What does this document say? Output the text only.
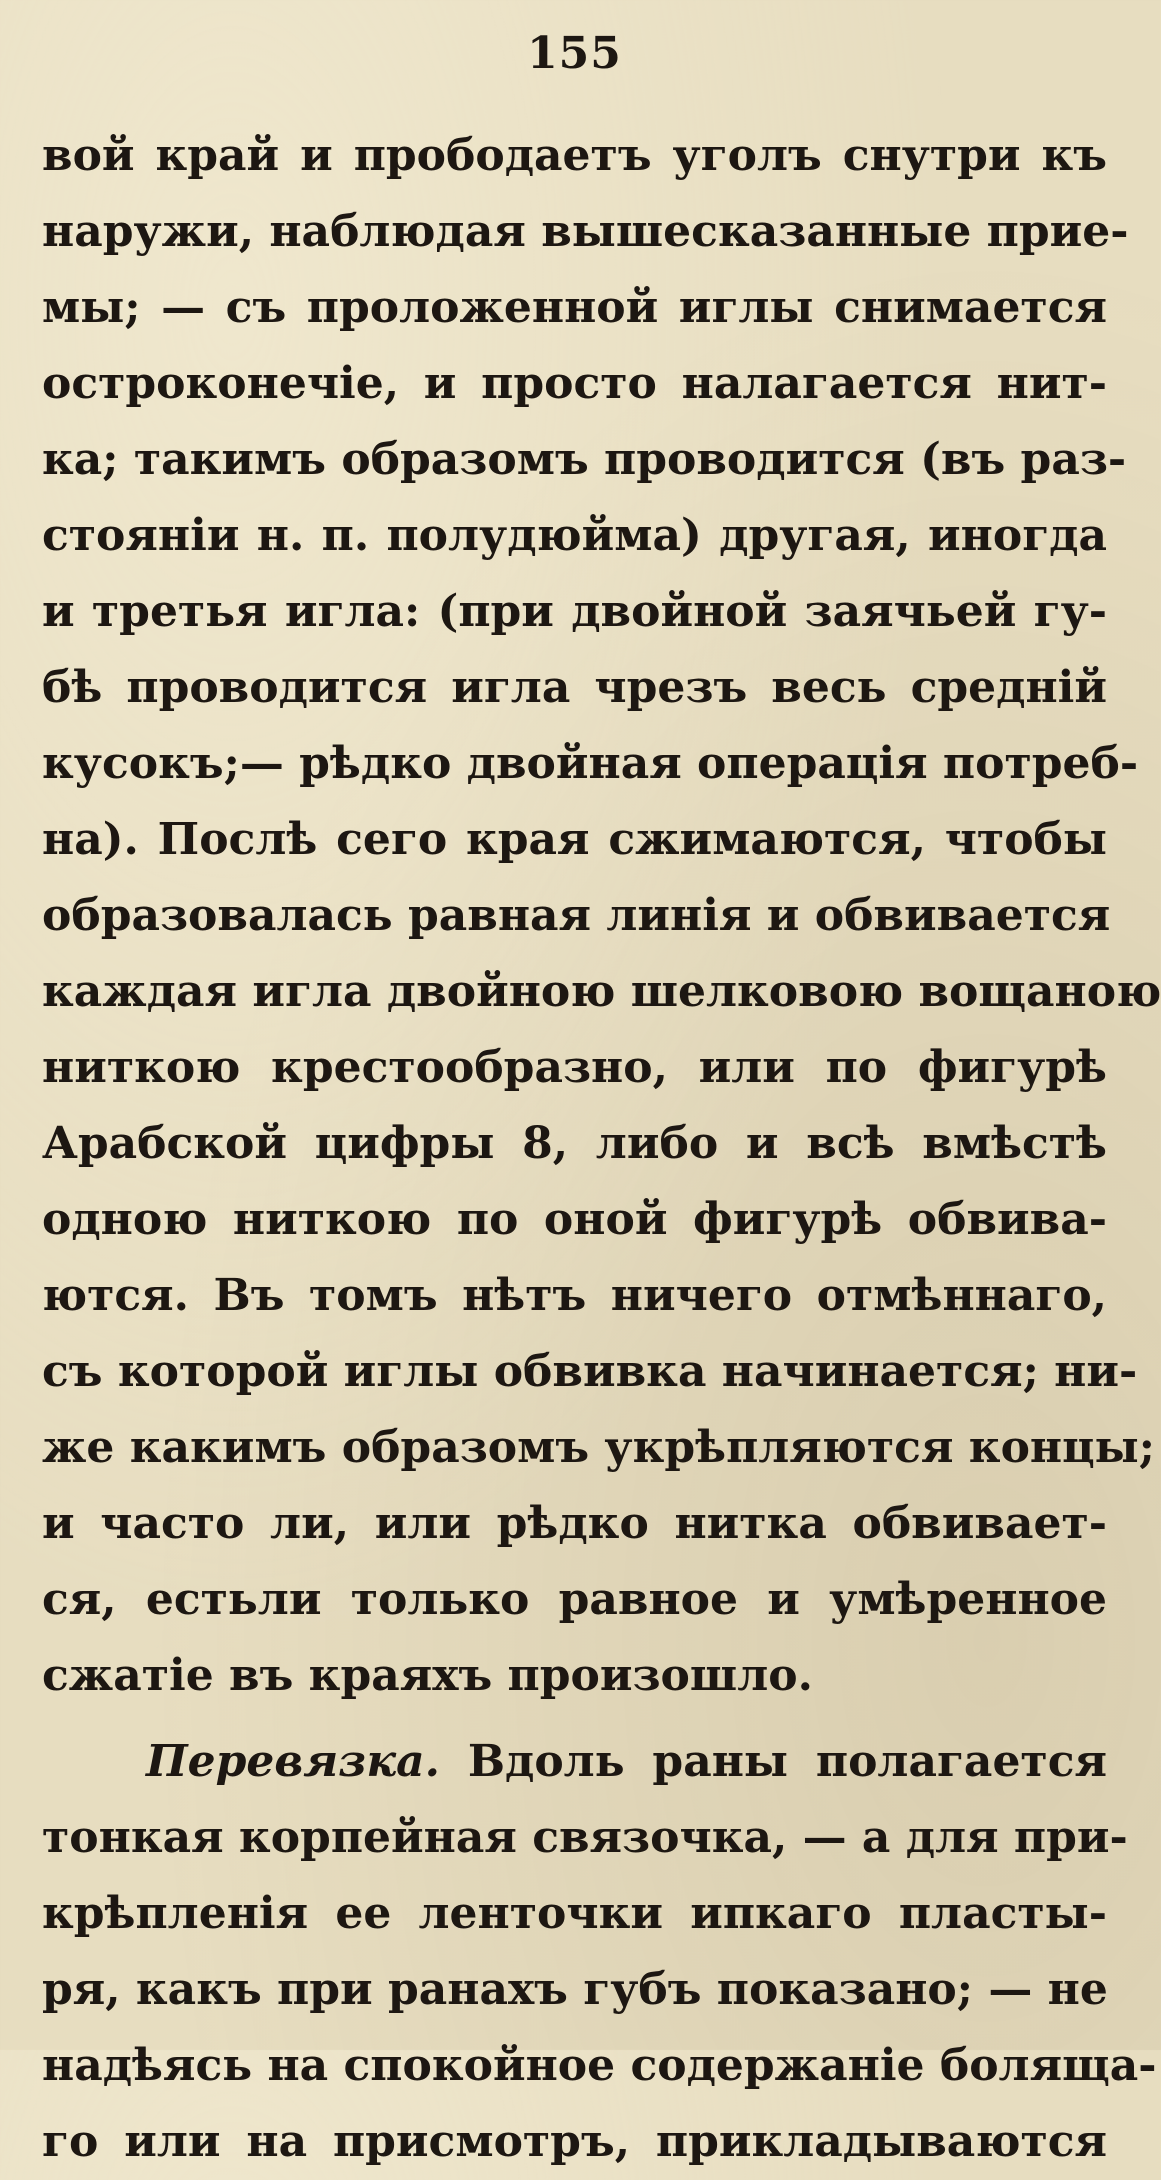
155
вой край и прободаетъ уголъ снутри къ
наружи, наблюдая вышесказанные прие-
мы; — съ проложенной иглы снимается
остроконечіе, и просто налагается нит-
ка; такимъ образомъ проводится (въ раз-
стояніи н. п. полудюйма) другая, иногда
и третья игла: (при двойной заячьей гу-
бѣ проводится игла чрезъ весь средній
кусокъ;— рѣдко двойная операція потреб-
на). Послѣ сего края сжимаются, чтобы
образовалась равная линія и обвивается
каждая игла двойною шелковою вощаною
ниткою крестообразно, или по фигурѣ
Арабской цифры 8, либо и всѣ вмѣстѣ
одною ниткою по оной фигурѣ обвива-
ются. Въ томъ нѣтъ ничего отмѣннаго,
съ которой иглы обвивка начинается; ни-
же какимъ образомъ укрѣпляются концы;
и часто ли, или рѣдко нитка обвивает-
ся, естьли только равное и умѣренное
сжатіе въ краяхъ произошло.
Перевязка. Вдоль раны полагается
тонкая корпейная связочка, — а для при-
крѣпленія ее ленточки ипкаго пласты-
ря, какъ при ранахъ губъ показано; — не
надѣясь на спокойное содержаніе болящa-
го или на присмотръ, прикладываются
